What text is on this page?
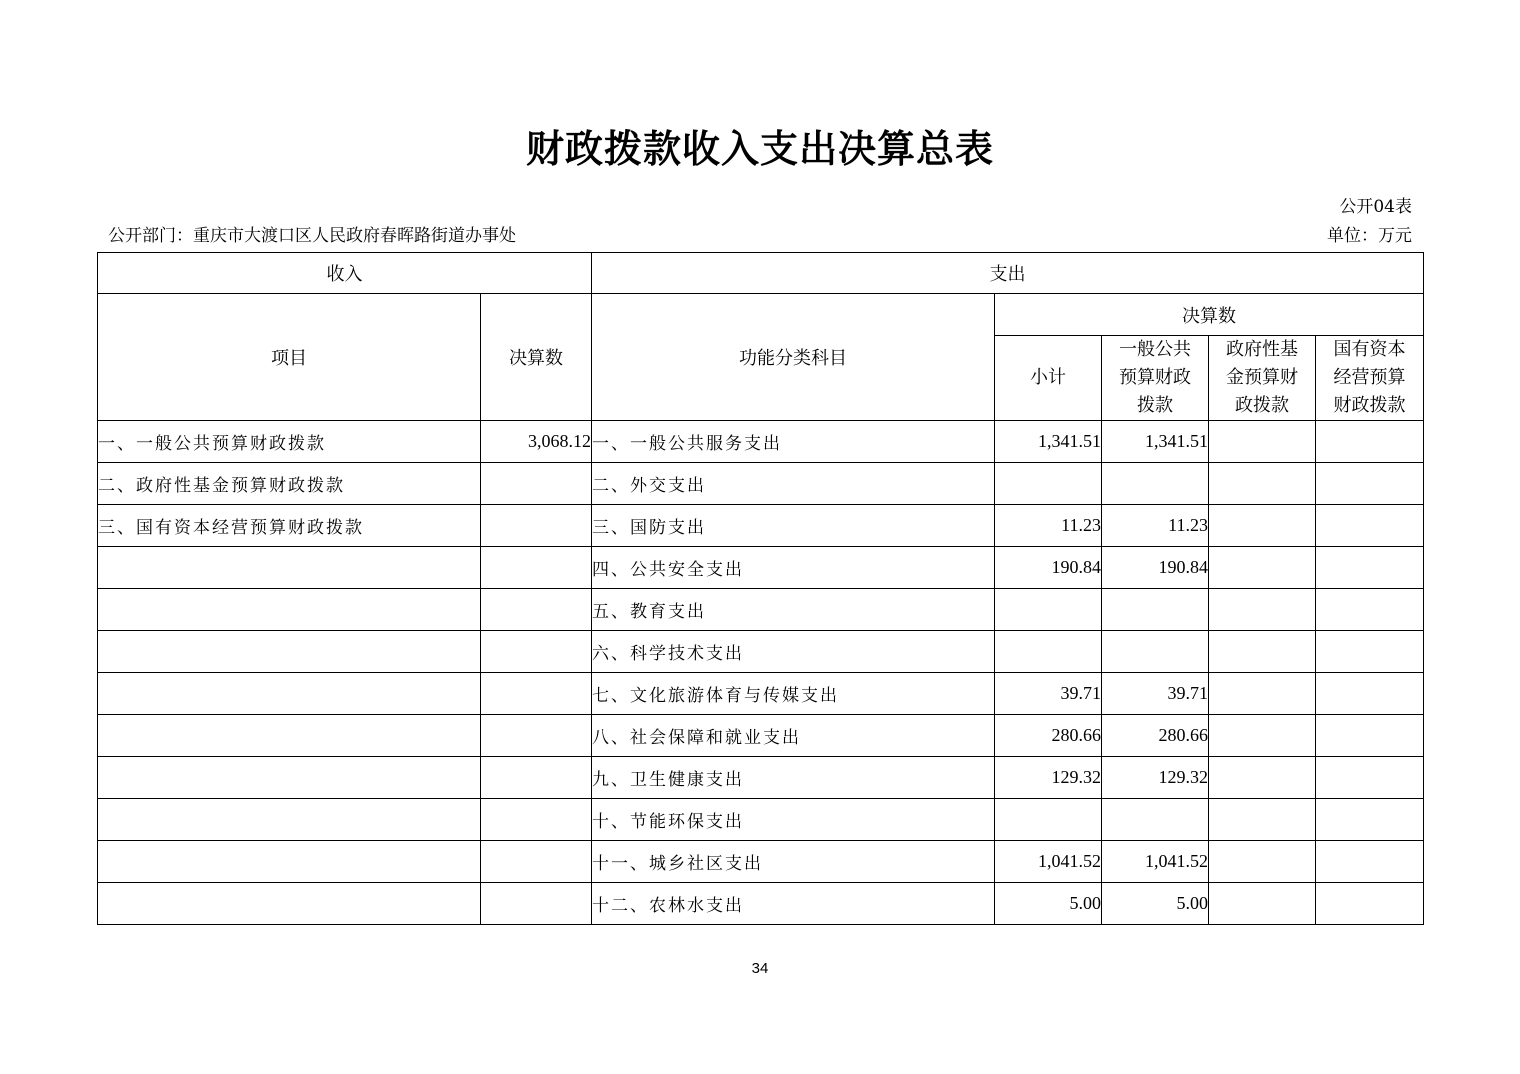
财政拨款收入支出决算总表
公开04表
公开部门：重庆市大渡口区人民政府春晖路街道办事处	单位：万元
收入		支出				
项目	决算数	功能分类科目	决算数			
			小计	一般公共预算财政拨款	政府性基金预算财政拨款	国有资本经营预算财政拨款

一、一般公共预算财政拨款	3,068.12	一、一般公共服务支出	1,341.51	1,341.51		
二、政府性基金预算财政拨款		二、外交支出				
三、国有资本经营预算财政拨款		三、国防支出	11.23	11.23		
		四、公共安全支出	190.84	190.84		
		五、教育支出				
		六、科学技术支出				
		七、文化旅游体育与传媒支出	39.71	39.71		
		八、社会保障和就业支出	280.66	280.66		
		九、卫生健康支出	129.32	129.32		
		十、节能环保支出				
		十一、城乡社区支出	1,041.52	1,041.52		
		十二、农林水支出	5.00	5.00		
34
